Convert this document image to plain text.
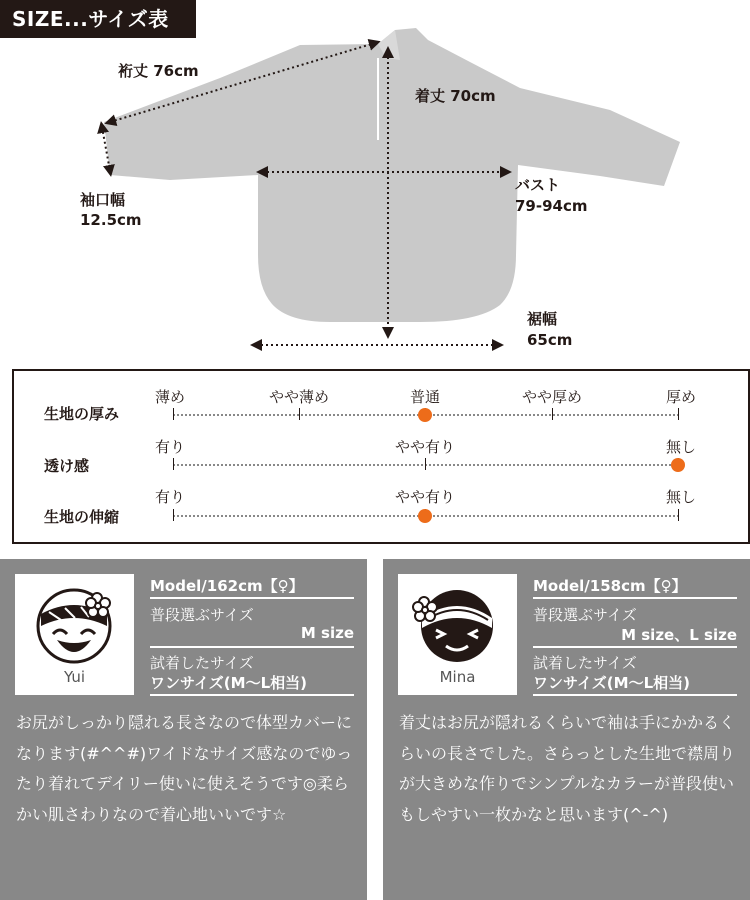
SIZE...サイズ表
裄丈 76cm
着丈 70cm
袖口幅
12.5cm
バスト
79-94cm
裾幅
65cm
生地の厚み
薄め	やや薄め	普通	やや厚め	厚め
透け感
有り	やや有り	無し
生地の伸縮
有り	やや有り	無し
Yui
Model/162cm【♀】
普段選ぶサイズ
M size
試着したサイズ
ワンサイズ(M〜L相当)
お尻がしっかり隠れる長さなので体型カバーになります(#^^#)ワイドなサイズ感なのでゆったり着れてデイリー使いに使えそうです◎柔らかい肌さわりなので着心地いいです☆
Mina
Model/158cm【♀】
普段選ぶサイズ
M size、L size
試着したサイズ
ワンサイズ(M〜L相当)
着丈はお尻が隠れるくらいで袖は手にかかるくらいの長さでした。さらっとした生地で襟周りが大きめな作りでシンプルなカラーが普段使いもしやすい一枚かなと思います(^-^)
